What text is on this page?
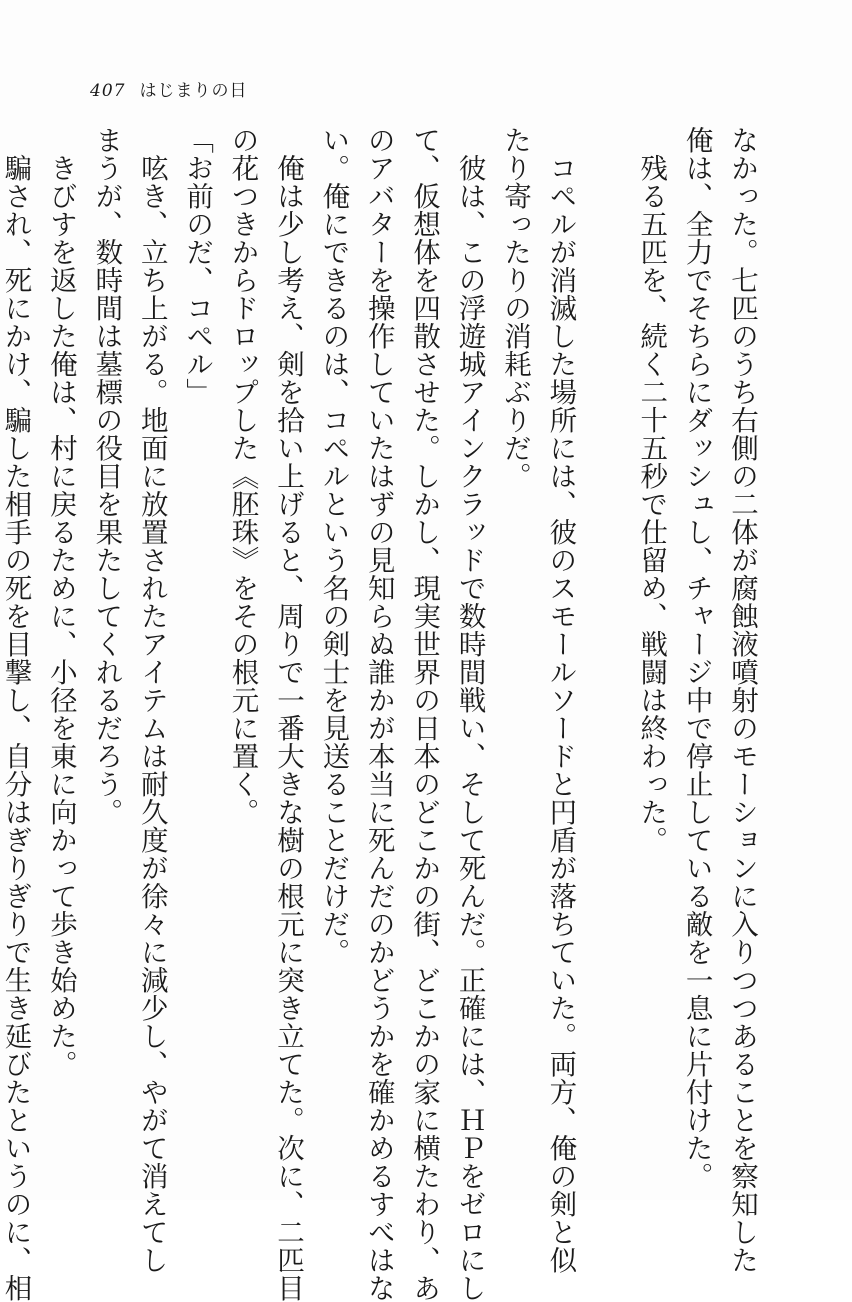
407 はじまりの日
なかった。七匹のうち右側の二体が腐蝕液噴射のモーションに入りつつあることを察知した
俺は、全力でそちらにダッシュし、チャージ中で停止している敵を一息に片付けた。
　残る五匹を、続く二十五秒で仕留め、戦闘は終わった。

　コペルが消滅した場所には、彼のスモールソードと円盾が落ちていた。両方、俺の剣と似
たり寄ったりの消耗ぶりだ。
　彼は、この浮遊城アインクラッドで数時間戦い、そして死んだ。正確には、ＨＰをゼロにし
て、仮想体を四散させた。しかし、現実世界の日本のどこかの街、どこかの家に横たわり、あ
のアバターを操作していたはずの見知らぬ誰かが本当に死んだのかどうかを確かめるすべはな
い。俺にできるのは、コペルという名の剣士を見送ることだけだ。
　俺は少し考え、剣を拾い上げると、周りで一番大きな樹の根元に突き立てた。次に、二匹目
の花つきからドロップした《胚珠》をその根元に置く。
「お前のだ、コペル」
　呟き、立ち上がる。地面に放置されたアイテムは耐久度が徐々に減少し、やがて消えてし
まうが、数時間は墓標の役目を果たしてくれるだろう。
　きびすを返した俺は、村に戻るために、小径を東に向かって歩き始めた。
　騙され、死にかけ、騙した相手の死を目撃し、自分はぎりぎりで生き延びたというのに、相
